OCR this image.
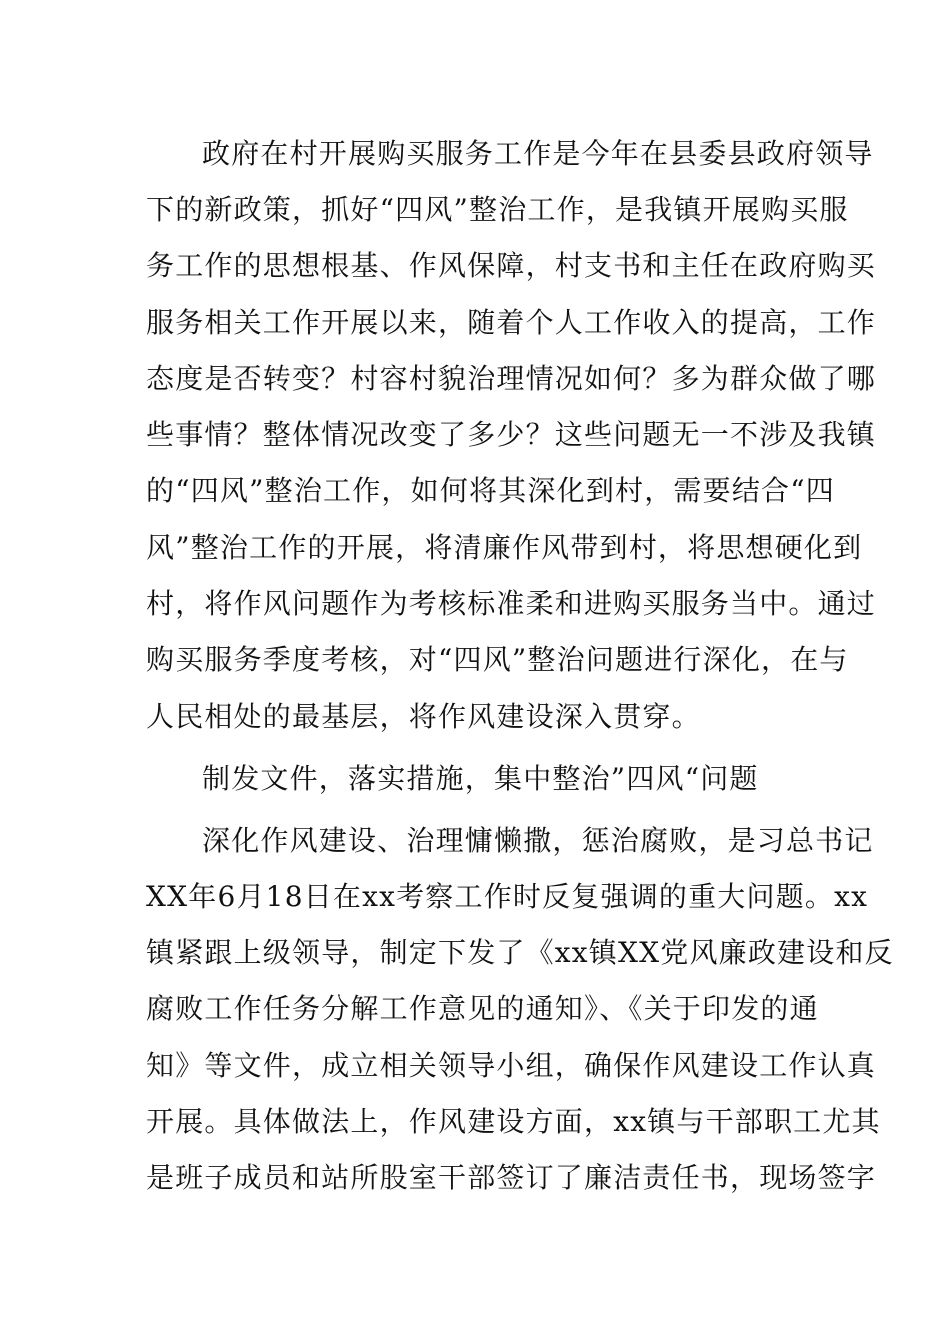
政府在村开展购买服务工作是今年在县委县政府领导
下的新政策，抓好“四风”整治工作，是我镇开展购买服
务工作的思想根基、作风保障，村支书和主任在政府购买
服务相关工作开展以来，随着个人工作收入的提高，工作
态度是否转变？村容村貌治理情况如何？多为群众做了哪
些事情？整体情况改变了多少？这些问题无一不涉及我镇
的“四风”整治工作，如何将其深化到村，需要结合“四
风”整治工作的开展，将清廉作风带到村，将思想硬化到
村，将作风问题作为考核标准柔和进购买服务当中。通过
购买服务季度考核，对“四风”整治问题进行深化，在与
人民相处的最基层，将作风建设深入贯穿。
制发文件，落实措施，集中整治”四风“问题
深化作风建设、治理慵懒撒，惩治腐败，是习总书记
XX年6月18日在xx考察工作时反复强调的重大问题。xx
镇紧跟上级领导，制定下发了《xx镇XX党风廉政建设和反
腐败工作任务分解工作意见的通知》、《关于印发的通
知》等文件，成立相关领导小组，确保作风建设工作认真
开展。具体做法上，作风建设方面，xx镇与干部职工尤其
是班子成员和站所股室干部签订了廉洁责任书，现场签字
